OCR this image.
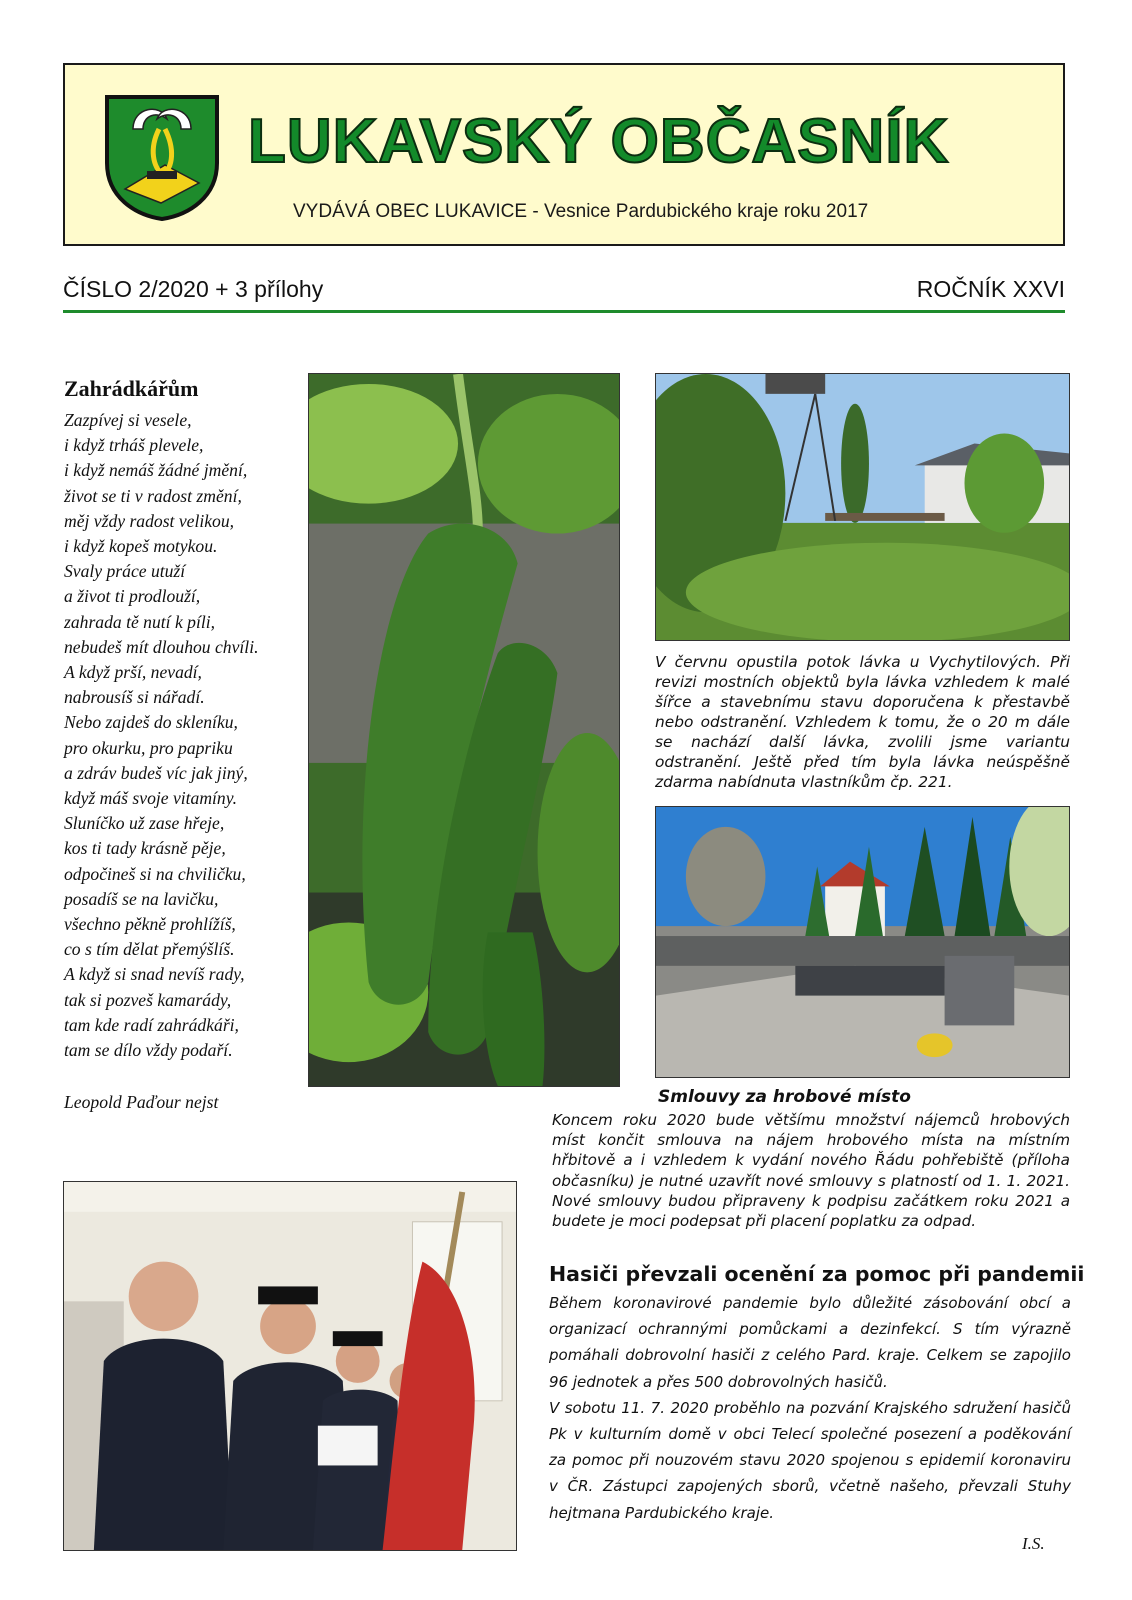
LUKAVSKÝ OBČASNÍK
VYDÁVÁ OBEC LUKAVICE - Vesnice Pardubického kraje roku 2017
ČÍSLO 2/2020 + 3 přílohy	ROČNÍK XXVI
Zahrádkářům
Zazpívej si vesele,
i když trháš plevele,
i když nemáš žádné jmění,
život se ti v radost změní,
měj vždy radost velikou,
i když kopeš motykou.
Svaly práce utuží
a život ti prodlouží,
zahrada tě nutí k píli,
nebudeš mít dlouhou chvíli.
A když prší, nevadí,
nabrousíš si nářadí.
Nebo zajdeš do skleníku,
pro okurku, pro papriku
a zdráv budeš víc jak jiný,
když máš svoje vitamíny.
Sluníčko už zase hřeje,
kos ti tady krásně pěje,
odpočineš si na chviličku,
posadíš se na lavičku,
všechno pěkně prohlížíš,
co s tím dělat přemýšlíš.
A když si snad nevíš rady,
tak si pozveš kamarády,
tam kde radí zahrádkáři,
tam se dílo vždy podaří.
Leopold Paďour nejst
V červnu opustila potok lávka u Vychytilových. Při revizi mostních objektů byla lávka vzhledem k malé šířce a stavebnímu stavu doporučena k přestavbě nebo odstranění. Vzhledem k tomu, že o 20 m dále se nachází další lávka, zvolili jsme variantu odstranění. Ještě před tím byla lávka neúspěšně zdarma nabídnuta vlastníkům čp. 221.
Smlouvy za hrobové místo
Koncem roku 2020 bude většímu množství nájemců hrobových míst končit smlouva na nájem hrobového místa na místním hřbitově a i vzhledem k vydání nového Řádu pohřebiště (příloha občasníku) je nutné uzavřít nové smlouvy s platností od 1. 1. 2021. Nové smlouvy budou připraveny k podpisu začátkem roku 2021 a budete je moci podepsat při placení poplatku za odpad.
Hasiči převzali ocenění za pomoc při pandemii

Během koronavirové pandemie bylo důležité zásobování obcí a organizací ochrannými pomůckami a dezinfekcí. S tím výrazně pomáhali dobrovolní hasiči z celého Pard. kraje. Celkem se zapojilo 96 jednotek a přes 500 dobrovolných hasičů.

V sobotu 11. 7. 2020 proběhlo na pozvání Krajského sdružení hasičů Pk v kulturním domě v obci Telecí společné posezení a poděkování za pomoc při nouzovém stavu 2020 spojenou s epidemií koronaviru v ČR. Zástupci zapojených sborů, včetně našeho, převzali Stuhy hejtmana Pardubického kraje.

I.S.
